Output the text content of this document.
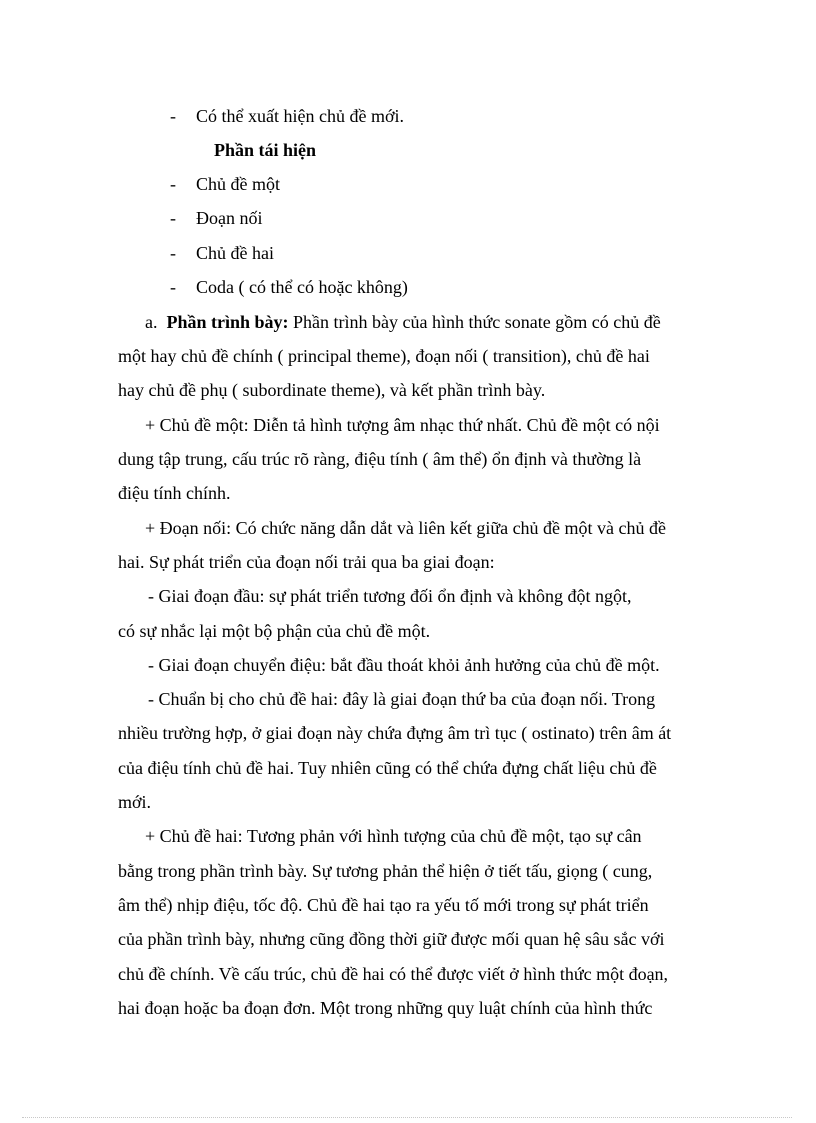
- Có thể xuất hiện chủ đề mới.
Phần tái hiện
- Chủ đề một
- Đoạn nối
- Chủ đề hai
- Coda ( có thể có hoặc không)
a. Phần trình bày: Phần trình bày của hình thức sonate gồm có chủ đề
một hay chủ đề chính ( principal theme), đoạn nối ( transition), chủ đề hai
hay chủ đề phụ ( subordinate theme), và kết phần trình bày.
+ Chủ đề một: Diễn tả hình tượng âm nhạc thứ nhất. Chủ đề một có nội
dung tập trung, cấu trúc rõ ràng, điệu tính ( âm thể) ổn định và thường là
điệu tính chính.
+ Đoạn nối: Có chức năng dẫn dắt và liên kết giữa chủ đề một và chủ đề
hai. Sự phát triển của đoạn nối trải qua ba giai đoạn:
- Giai đoạn đầu: sự phát triển tương đối ổn định và không đột ngột,
có sự nhắc lại một bộ phận của chủ đề một.
- Giai đoạn chuyển điệu: bắt đầu thoát khỏi ảnh hưởng của chủ đề một.
- Chuẩn bị cho chủ đề hai: đây là giai đoạn thứ ba của đoạn nối. Trong
nhiều trường hợp, ở giai đoạn này chứa đựng âm trì tục ( ostinato) trên âm át
của điệu tính chủ đề hai. Tuy nhiên cũng có thể chứa đựng chất liệu chủ đề
mới.
+ Chủ đề hai: Tương phản với hình tượng của chủ đề một, tạo sự cân
bằng trong phần trình bày. Sự tương phản thể hiện ở tiết tấu, giọng ( cung,
âm thể) nhịp điệu, tốc độ. Chủ đề hai tạo ra yếu tố mới trong sự phát triển
của phần trình bày, nhưng cũng đồng thời giữ được mối quan hệ sâu sắc với
chủ đề chính. Về cấu trúc, chủ đề hai có thể được viết ở hình thức một đoạn,
hai đoạn hoặc ba đoạn đơn. Một trong những quy luật chính của hình thức
